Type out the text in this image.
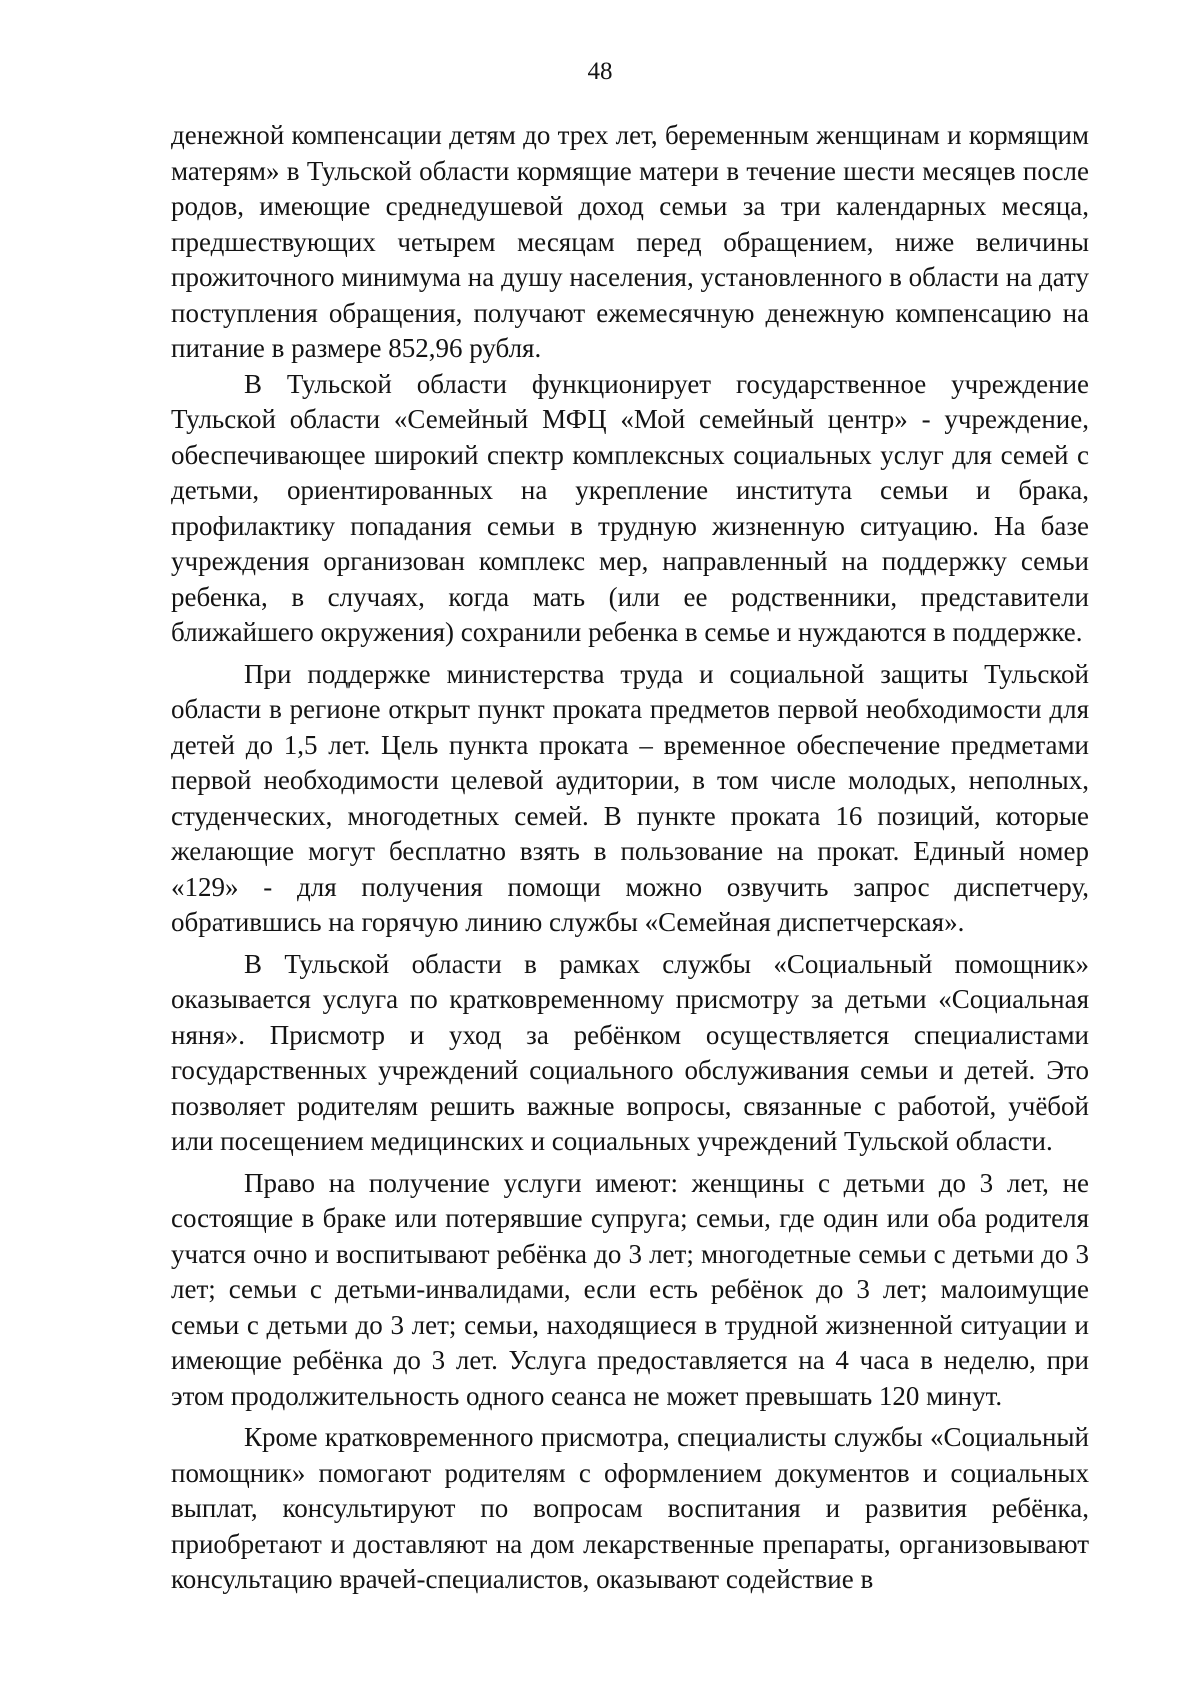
48

денежной компенсации детям до трех лет, беременным женщинам и кормящим матерям» в Тульской области кормящие матери в течение шести месяцев после родов, имеющие среднедушевой доход семьи за три календарных месяца, предшествующих четырем месяцам перед обращением, ниже величины прожиточного минимума на душу населения, установленного в области на дату поступления обращения, получают ежемесячную денежную компенсацию на питание в размере 852,96 рубля.

В Тульской области функционирует государственное учреждение Тульской области «Семейный МФЦ «Мой семейный центр» - учреждение, обеспечивающее широкий спектр комплексных социальных услуг для семей с детьми, ориентированных на укрепление института семьи и брака, профилактику попадания семьи в трудную жизненную ситуацию. На базе учреждения организован комплекс мер, направленный на поддержку семьи ребенка, в случаях, когда мать (или ее родственники, представители ближайшего окружения) сохранили ребенка в семье и нуждаются в поддержке.

При поддержке министерства труда и социальной защиты Тульской области в регионе открыт пункт проката предметов первой необходимости для детей до 1,5 лет. Цель пункта проката – временное обеспечение предметами первой необходимости целевой аудитории, в том числе молодых, неполных, студенческих, многодетных семей. В пункте проката 16 позиций, которые желающие могут бесплатно взять в пользование на прокат. Единый номер «129» - для получения помощи можно озвучить запрос диспетчеру, обратившись на горячую линию службы «Семейная диспетчерская».

В Тульской области в рамках службы «Социальный помощник» оказывается услуга по кратковременному присмотру за детьми «Социальная няня». Присмотр и уход за ребёнком осуществляется специалистами государственных учреждений социального обслуживания семьи и детей. Это позволяет родителям решить важные вопросы, связанные с работой, учёбой или посещением медицинских и социальных учреждений Тульской области.

Право на получение услуги имеют: женщины с детьми до 3 лет, не состоящие в браке или потерявшие супруга; семьи, где один или оба родителя учатся очно и воспитывают ребёнка до 3 лет; многодетные семьи с детьми до 3 лет; семьи с детьми-инвалидами, если есть ребёнок до 3 лет; малоимущие семьи с детьми до 3 лет; семьи, находящиеся в трудной жизненной ситуации и имеющие ребёнка до 3 лет. Услуга предоставляется на 4 часа в неделю, при этом продолжительность одного сеанса не может превышать 120 минут.

Кроме кратковременного присмотра, специалисты службы «Социальный помощник» помогают родителям с оформлением документов и социальных выплат, консультируют по вопросам воспитания и развития ребёнка, приобретают и доставляют на дом лекарственные препараты, организовывают консультацию врачей-специалистов, оказывают содействие в
